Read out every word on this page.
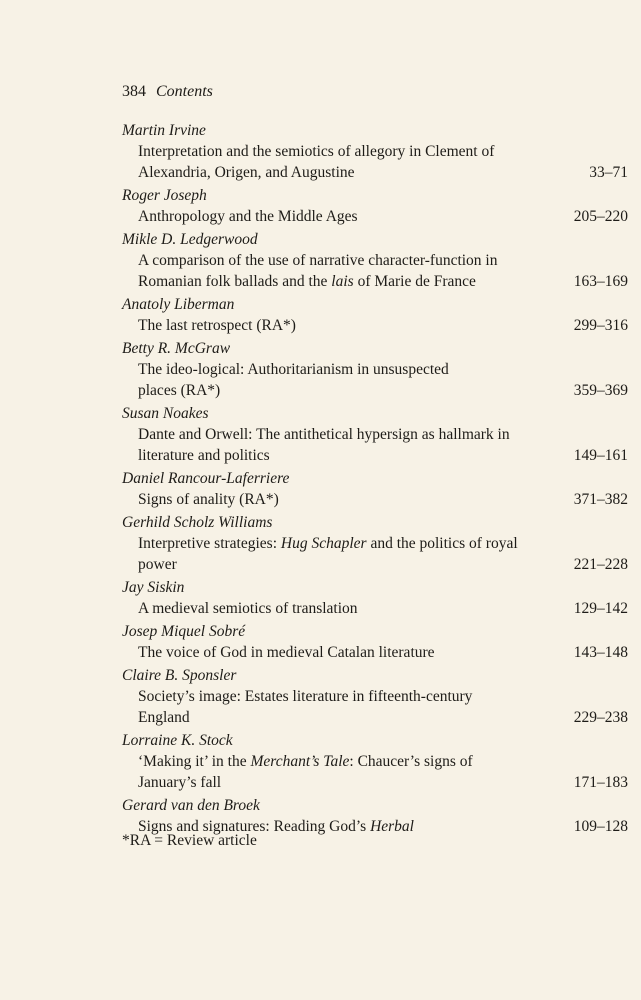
384 Contents
Martin Irvine
Interpretation and the semiotics of allegory in Clement of
Alexandria, Origen, and Augustine	33–71
Roger Joseph
Anthropology and the Middle Ages	205–220
Mikle D. Ledgerwood
A comparison of the use of narrative character-function in
Romanian folk ballads and the lais of Marie de France	163–169
Anatoly Liberman
The last retrospect (RA*)	299–316
Betty R. McGraw
The ideo-logical: Authoritarianism in unsuspected
places (RA*)	359–369
Susan Noakes
Dante and Orwell: The antithetical hypersign as hallmark in
literature and politics	149–161
Daniel Rancour-Laferriere
Signs of anality (RA*)	371–382
Gerhild Scholz Williams
Interpretive strategies: Hug Schapler and the politics of royal
power	221–228
Jay Siskin
A medieval semiotics of translation	129–142
Josep Miquel Sobré
The voice of God in medieval Catalan literature	143–148
Claire B. Sponsler
Society’s image: Estates literature in fifteenth-century
England	229–238
Lorraine K. Stock
‘Making it’ in the Merchant’s Tale: Chaucer’s signs of
January’s fall	171–183
Gerard van den Broek
Signs and signatures: Reading God’s Herbal	109–128
*RA = Review article
